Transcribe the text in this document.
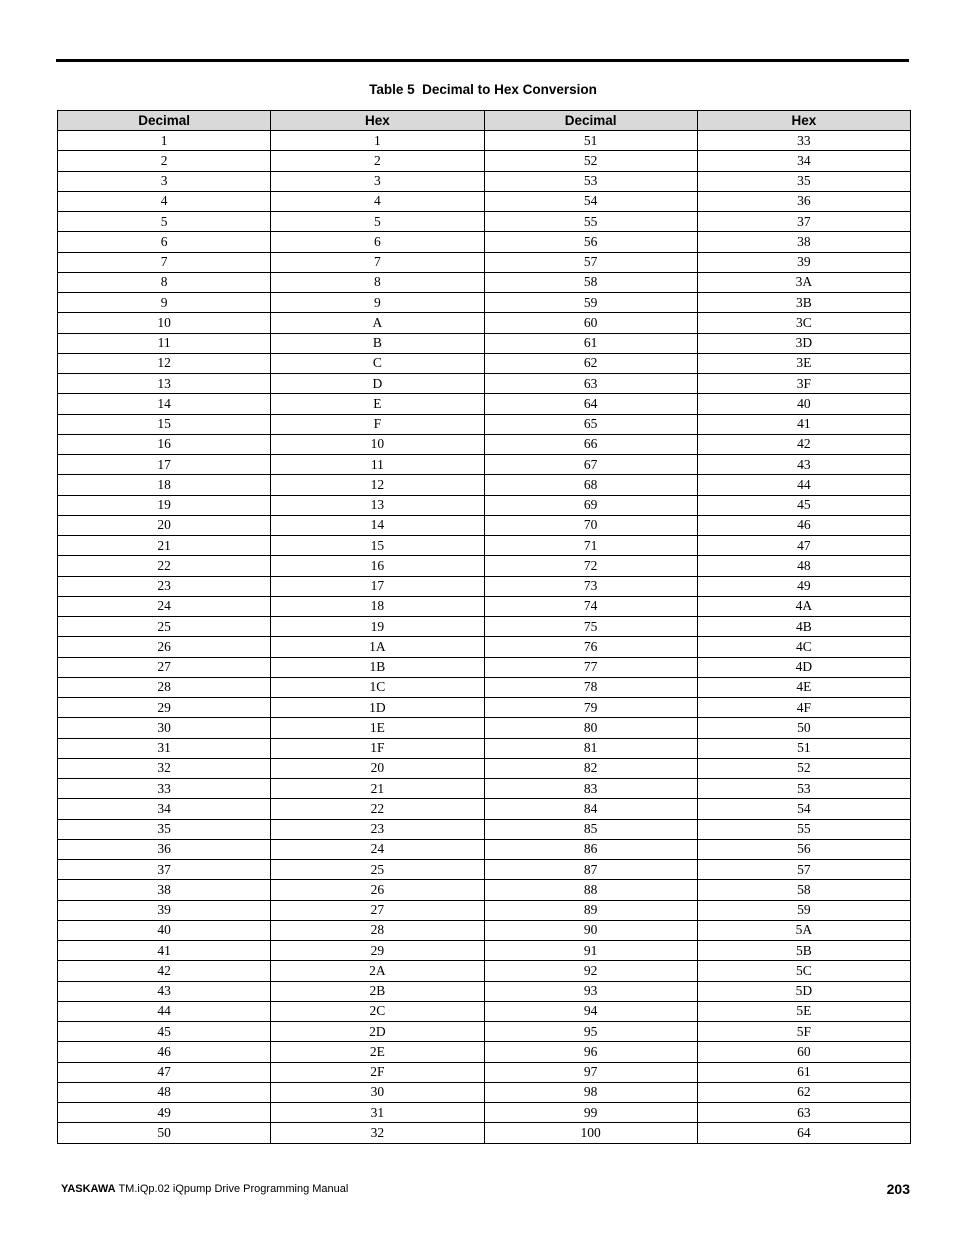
Table 5  Decimal to Hex Conversion
Decimal	Hex	Decimal	Hex
1	1	51	33
2	2	52	34
3	3	53	35
4	4	54	36
5	5	55	37
6	6	56	38
7	7	57	39
8	8	58	3A
9	9	59	3B
10	A	60	3C
11	B	61	3D
12	C	62	3E
13	D	63	3F
14	E	64	40
15	F	65	41
16	10	66	42
17	11	67	43
18	12	68	44
19	13	69	45
20	14	70	46
21	15	71	47
22	16	72	48
23	17	73	49
24	18	74	4A
25	19	75	4B
26	1A	76	4C
27	1B	77	4D
28	1C	78	4E
29	1D	79	4F
30	1E	80	50
31	1F	81	51
32	20	82	52
33	21	83	53
34	22	84	54
35	23	85	55
36	24	86	56
37	25	87	57
38	26	88	58
39	27	89	59
40	28	90	5A
41	29	91	5B
42	2A	92	5C
43	2B	93	5D
44	2C	94	5E
45	2D	95	5F
46	2E	96	60
47	2F	97	61
48	30	98	62
49	31	99	63
50	32	100	64
YASKAWA TM.iQp.02 iQpump Drive Programming Manual	203
